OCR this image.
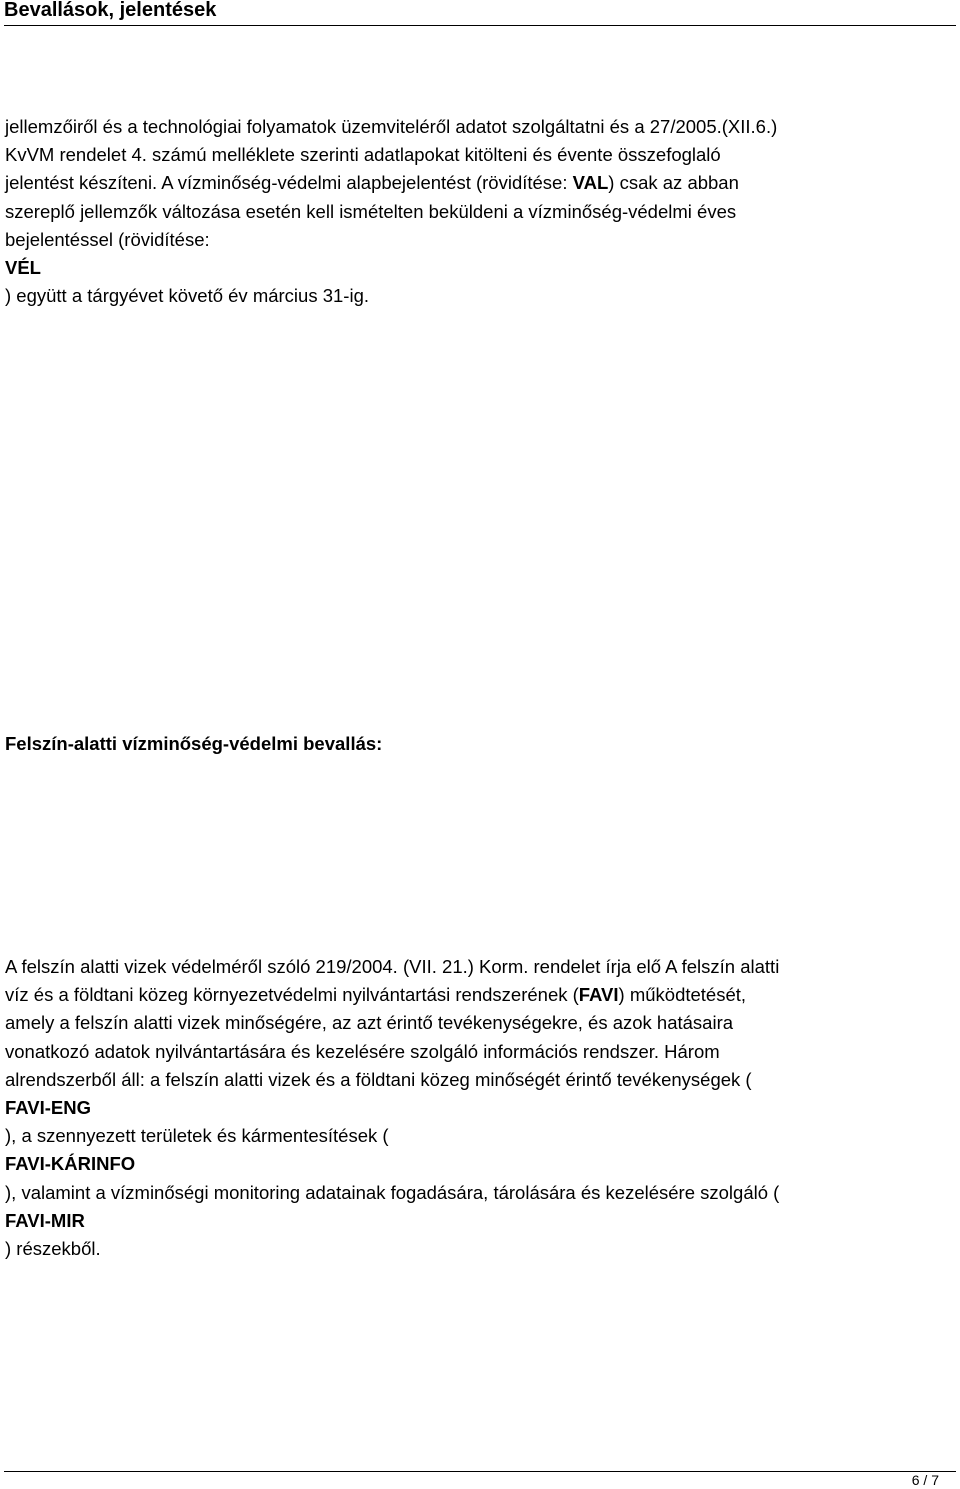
Bevallások, jelentések

jellemzőiről és a technológiai folyamatok üzemviteléről adatot szolgáltatni és a 27/2005.(XII.6.)
KvVM rendelet 4. számú melléklete szerinti adatlapokat kitölteni és évente összefoglaló
jelentést készíteni. A vízminőség-védelmi alapbejelentést (rövidítése: VAL) csak az abban
szereplő jellemzők változása esetén kell ismételten beküldeni a vízminőség-védelmi éves
bejelentéssel (rövidítése:
VÉL
) együtt a tárgyévet követő év március 31-ig.

Felszín-alatti vízminőség-védelmi bevallás:

A felszín alatti vizek védelméről szóló 219/2004. (VII. 21.) Korm. rendelet írja elő A felszín alatti
víz és a földtani közeg környezetvédelmi nyilvántartási rendszerének (FAVI) működtetését,
amely a felszín alatti vizek minőségére, az azt érintő tevékenységekre, és azok hatásaira
vonatkozó adatok nyilvántartására és kezelésére szolgáló információs rendszer. Három
alrendszerből áll: a felszín alatti vizek és a földtani közeg minőségét érintő tevékenységek (
FAVI-ENG
), a szennyezett területek és kármentesítések (
FAVI-KÁRINFO
), valamint a vízminőségi monitoring adatainak fogadására, tárolására és kezelésére szolgáló (
FAVI-MIR
) részekből.

6 / 7
